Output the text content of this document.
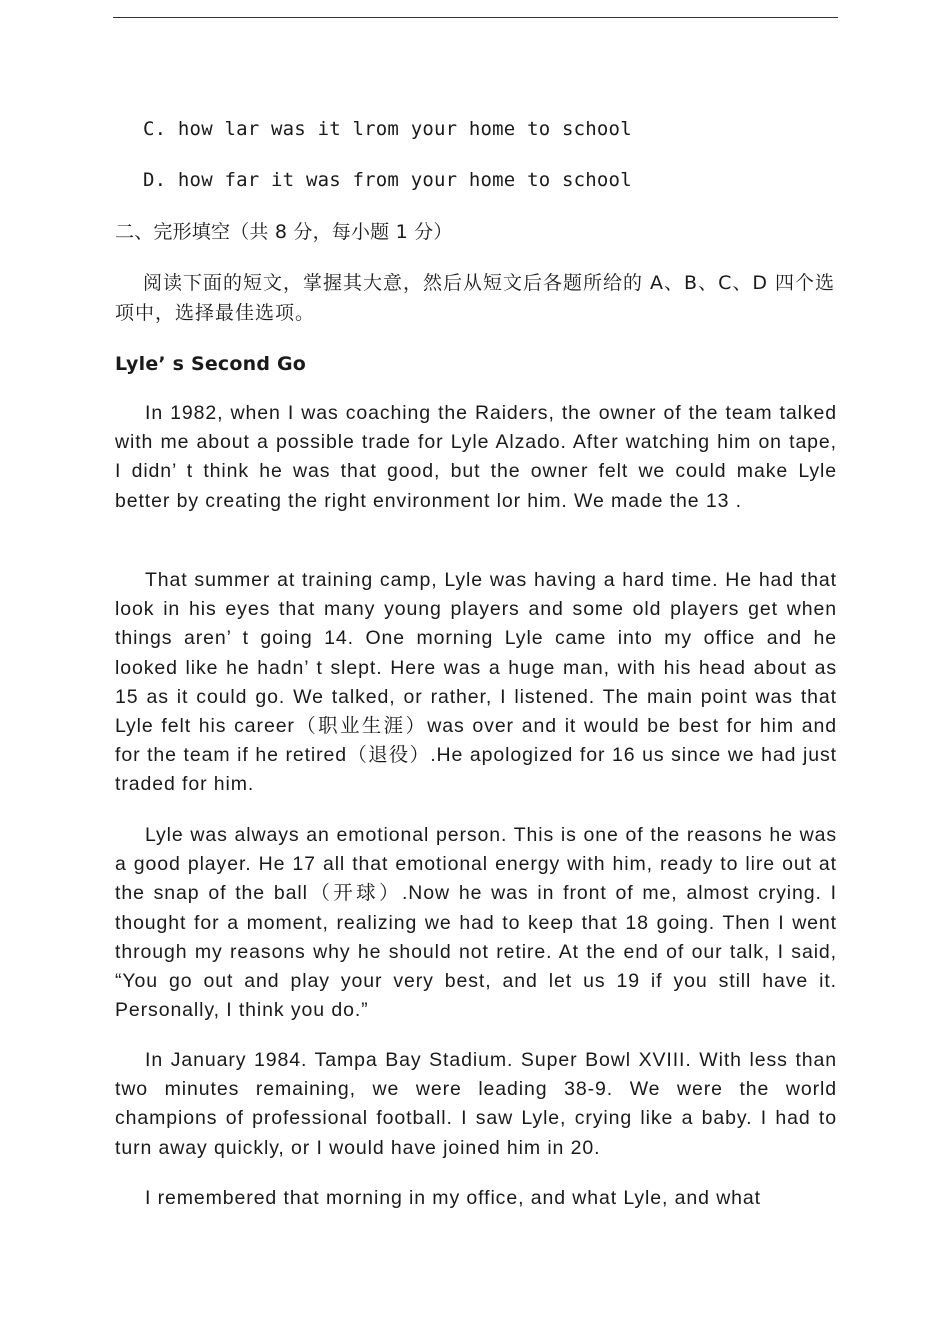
C. how lar was it lrom your home to school
D. how far it was from your home to school
二、完形填空（共 8 分，每小题 1 分）
阅读下面的短文，掌握其大意，然后从短文后各题所给的 A、B、C、D 四个选项中，选择最佳选项。
Lyle’ s Second Go

In 1982, when I was coaching the Raiders, the owner of the team talked with me about a possible trade for Lyle Alzado. After watching him on tape, I didn’ t think he was that good, but the owner felt we could make Lyle better by creating the right environment lor him. We made the 13 .

That summer at training camp, Lyle was having a hard time. He had that look in his eyes that many young players and some old players get when things aren’ t going 14. One morning Lyle came into my office and he looked like he hadn’ t slept. Here was a huge man, with his head about as 15 as it could go. We talked, or rather, I listened. The main point was that Lyle felt his career（职业生涯）was over and it would be best for him and for the team if he retired（退役）.He apologized for 16 us since we had just traded for him.

Lyle was always an emotional person. This is one of the reasons he was a good player. He 17 all that emotional energy with him, ready to lire out at the snap of the ball（开球）.Now he was in front of me, almost crying. I thought for a moment, realizing we had to keep that 18 going. Then I went through my reasons why he should not retire. At the end of our talk, I said, “You go out and play your very best, and let us 19 if you still have it. Personally, I think you do.”

In January 1984. Tampa Bay Stadium. Super Bowl XVIII. With less than two minutes remaining, we were leading 38-9. We were the world champions of professional football. I saw Lyle, crying like a baby. I had to turn away quickly, or I would have joined him in 20.

I remembered that morning in my office, and what Lyle, and what
